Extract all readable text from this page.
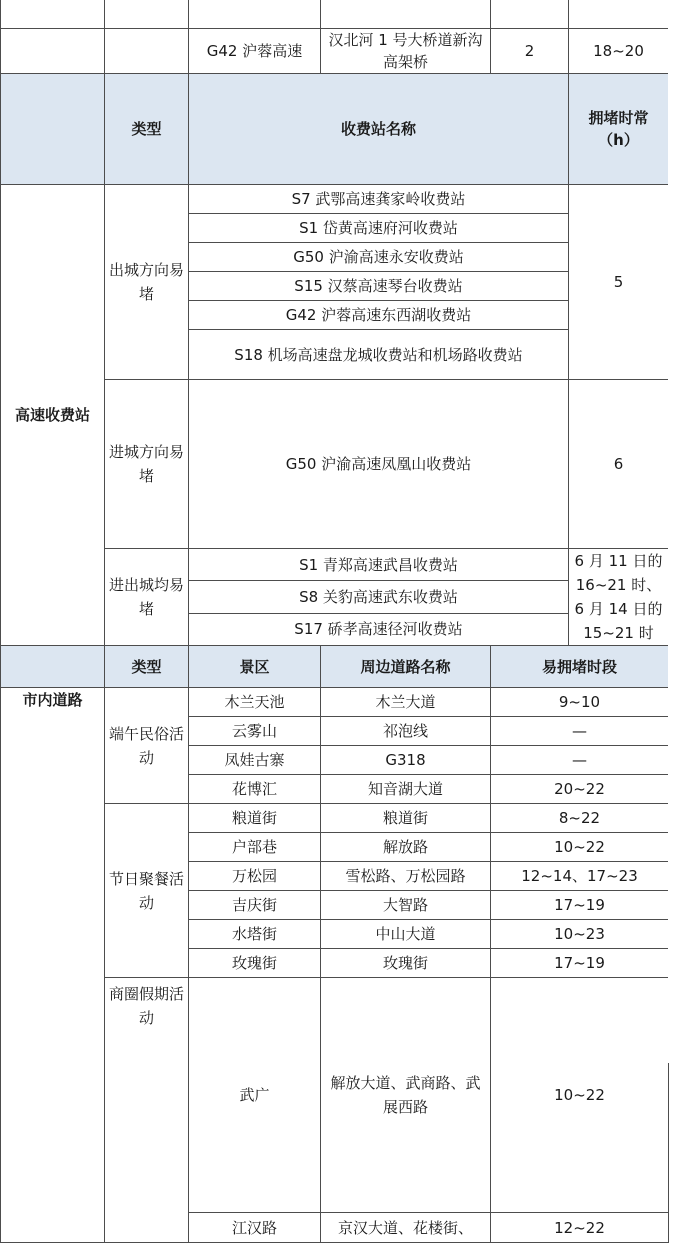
		G42 沪蓉高速	汉北河 1 号大桥道新沟高架桥	2	18~20	
	类型	收费站名称			拥堵时常（h）	
高速收费站	出城方向易堵	S7 武鄂高速龚家岭收费站			5	
		S1 岱黄高速府河收费站				
		G50 沪渝高速永安收费站				
		S15 汉蔡高速琴台收费站				
		G42 沪蓉高速东西湖收费站				
		S18 机场高速盘龙城收费站和机场路收费站				
	进城方向易堵	G50 沪渝高速凤凰山收费站			6	
	进出城均易堵	S1 青郑高速武昌收费站			6 月 11 日的 16~21 时、6 月 14 日的 15~21 时	
		S8 关豹高速武东收费站				
		S17 硚孝高速径河收费站				
	类型	景区	周边道路名称	易拥堵时段		
市内道路	端午民俗活动	木兰天池	木兰大道	9~10		
		云雾山	祁泡线	—		
		凤娃古寨	G318	—		
		花博汇	知音湖大道	20~22		
	节日聚餐活动	粮道街	粮道街	8~22		
		户部巷	解放路	10~22		
		万松园	雪松路、万松园路	12~14、17~23		
		吉庆街	大智路	17~19		
		水塔街	中山大道	10~23		
		玫瑰街	玫瑰街	17~19		
	商圈假期活动	武广	解放大道、武商路、武展西路	10~22		
		江汉路	京汉大道、花楼街、	12~22		
